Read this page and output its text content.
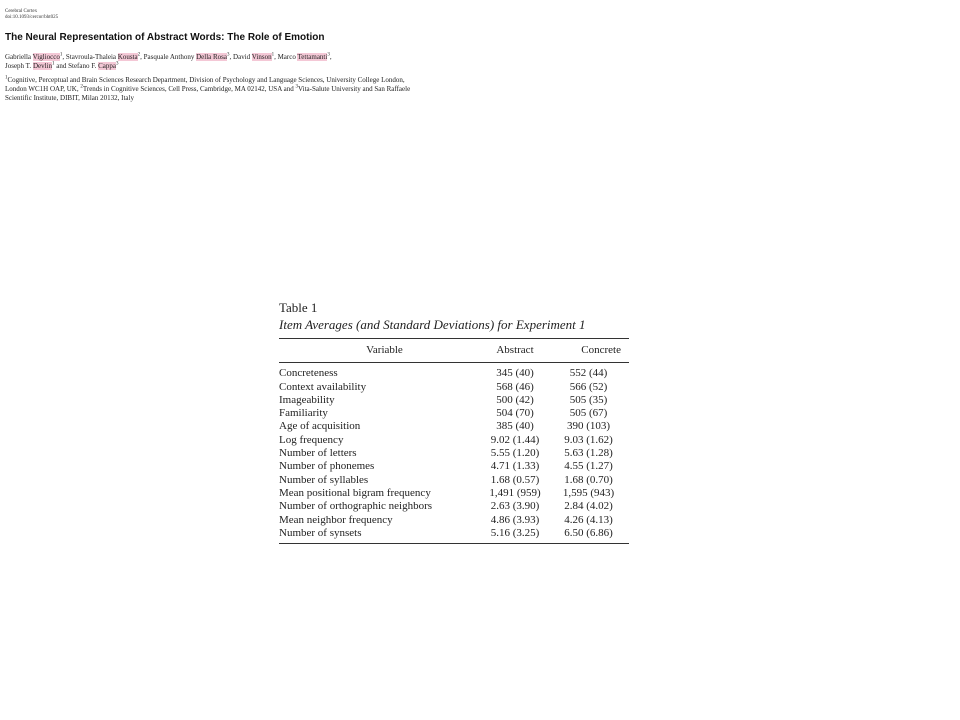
Cerebral Cortex
doi:10.1093/cercor/bht025
The Neural Representation of Abstract Words: The Role of Emotion
Gabriella Vigliocco$^1$, Stavroula-Thaleia Kousta$^2$, Pasquale Anthony Della Rosa$^3$, David Vinson$^1$, Marco Tettamanti$^3$,
Joseph T. Devlin$^1$ and Stefano F. Cappa$^3$
$^1$Cognitive, Perceptual and Brain Sciences Research Department, Division of Psychology and Language Sciences, University College London, London WC1H OAP, UK, $^2$Trends in Cognitive Sciences, Cell Press, Cambridge, MA 02142, USA and $^3$Vita-Salute University and San Raffaele Scientific Institute, DIBIT, Milan 20132, Italy
Table 1
Item Averages (and Standard Deviations) for Experiment 1
Variable	Abstract	Concrete
Concreteness	345 (40)	552 (44)
Context availability	568 (46)	566 (52)
Imageability	500 (42)	505 (35)
Familiarity	504 (70)	505 (67)
Age of acquisition	385 (40)	390 (103)
Log frequency	9.02 (1.44)	9.03 (1.62)
Number of letters	5.55 (1.20)	5.63 (1.28)
Number of phonemes	4.71 (1.33)	4.55 (1.27)
Number of syllables	1.68 (0.57)	1.68 (0.70)
Mean positional bigram frequency	1,491 (959)	1,595 (943)
Number of orthographic neighbors	2.63 (3.90)	2.84 (4.02)
Mean neighbor frequency	4.86 (3.93)	4.26 (4.13)
Number of synsets	5.16 (3.25)	6.50 (6.86)
